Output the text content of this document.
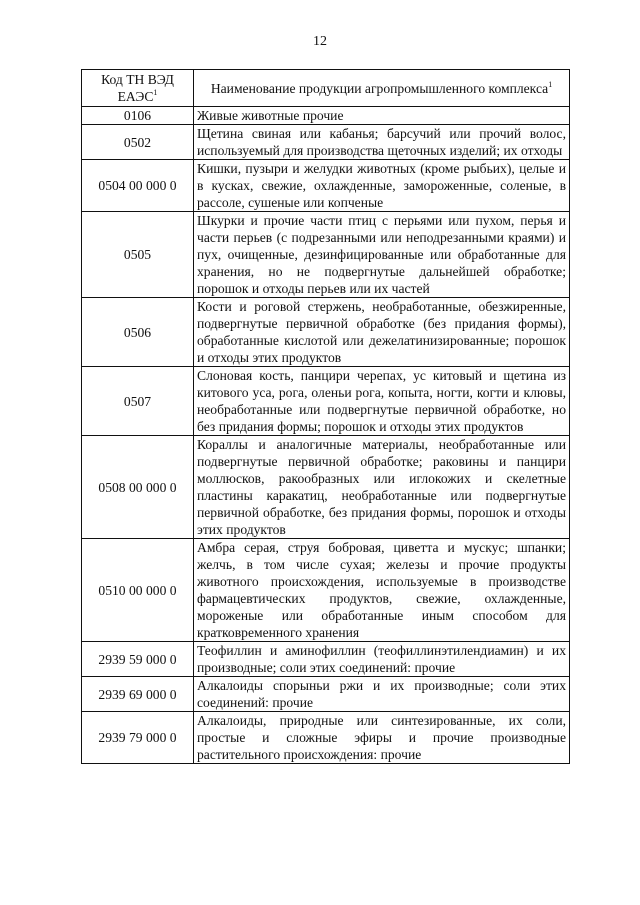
12
Код ТН ВЭД ЕАЭС$^1$	Наименование продукции агропромышленного комплекса$^1$
0106	Живые животные прочие
0502	Щетина свиная или кабанья; барсучий или прочий волос, используемый для производства щеточных изделий; их отходы
0504 00 000 0	Кишки, пузыри и желудки животных (кроме рыбьих), целые и в кусках, свежие, охлажденные, замороженные, соленые, в рассоле, сушеные или копченые
0505	Шкурки и прочие части птиц с перьями или пухом, перья и части перьев (с подрезанными или неподрезанными краями) и пух, очищенные, дезинфицированные или обработанные для хранения, но не подвергнутые дальнейшей обработке; порошок и отходы перьев или их частей
0506	Кости и роговой стержень, необработанные, обезжиренные, подвергнутые первичной обработке (без придания формы), обработанные кислотой или дежелатинизированные; порошок и отходы этих продуктов
0507	Слоновая кость, панцири черепах, ус китовый и щетина из китового уса, рога, оленьи рога, копыта, ногти, когти и клювы, необработанные или подвергнутые первичной обработке, но без придания формы; порошок и отходы этих продуктов
0508 00 000 0	Кораллы и аналогичные материалы, необработанные или подвергнутые первичной обработке; раковины и панцири моллюсков, ракообразных или иглокожих и скелетные пластины каракатиц, необработанные или подвергнутые первичной обработке, без придания формы, порошок и отходы этих продуктов
0510 00 000 0	Амбра серая, струя бобровая, циветта и мускус; шпанки; желчь, в том числе сухая; железы и прочие продукты животного происхождения, используемые в производстве фармацевтических продуктов, свежие, охлажденные, мороженые или обработанные иным способом для кратковременного хранения
2939 59 000 0	Теофиллин и аминофиллин (теофиллинэтилендиамин) и их производные; соли этих соединений: прочие
2939 69 000 0	Алкалоиды спорыньи ржи и их производные; соли этих соединений: прочие
2939 79 000 0	Алкалоиды, природные или синтезированные, их соли, простые и сложные эфиры и прочие производные растительного происхождения: прочие
